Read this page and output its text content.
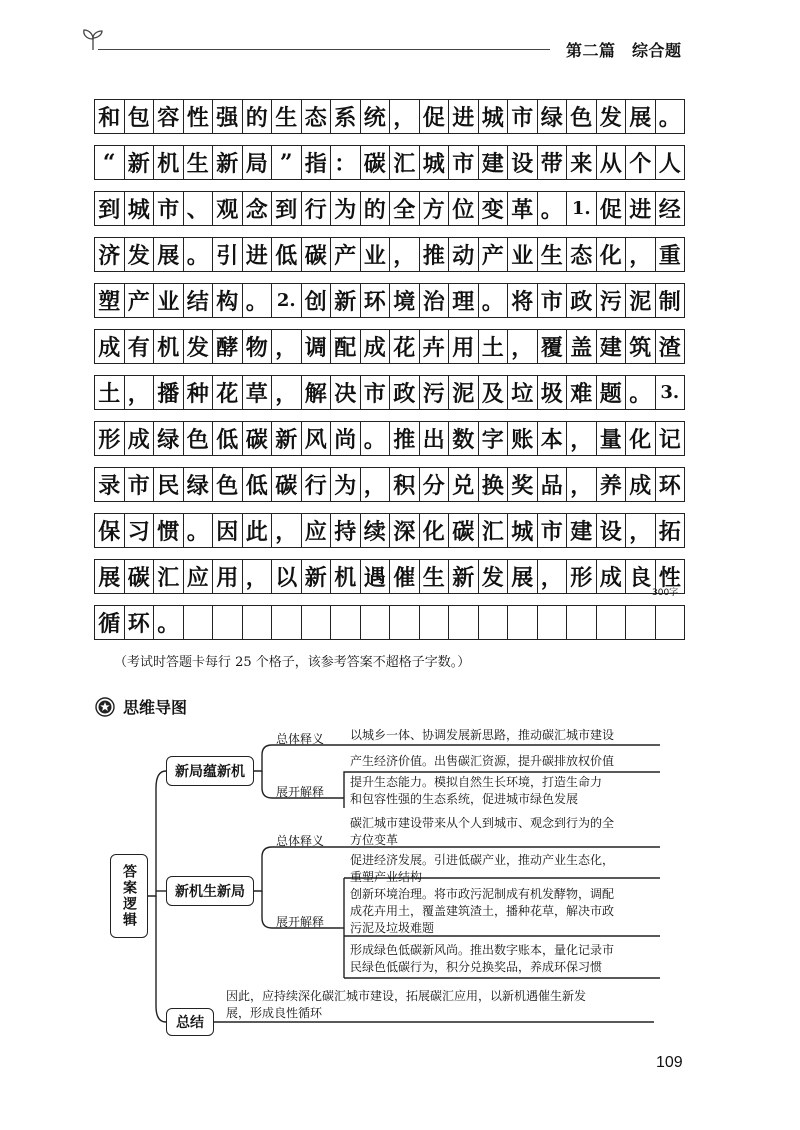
第二篇　综合题
和 包 容 性 强 的 生 态 系 统 ， 促 进 城 市 绿 色 发 展 。
“ 新 机 生 新 局 ” 指 ： 碳 汇 城 市 建 设 带 来 从 个 人
到 城 市 、 观 念 到 行 为 的 全 方 位 变 革 。 1. 促 进 经
济 发 展 。 引 进 低 碳 产 业 ， 推 动 产 业 生 态 化 ， 重
塑 产 业 结 构 。 2. 创 新 环 境 治 理 。 将 市 政 污 泥 制
成 有 机 发 酵 物 ， 调 配 成 花 卉 用 土 ， 覆 盖 建 筑 渣
土 ， 播 种 花 草 ， 解 决 市 政 污 泥 及 垃 圾 难 题 。 3.
形 成 绿 色 低 碳 新 风 尚 。 推 出 数 字 账 本 ， 量 化 记
录 市 民 绿 色 低 碳 行 为 ， 积 分 兑 换 奖 品 ， 养 成 环
保 习 惯 。 因 此 ， 应 持 续 深 化 碳 汇 城 市 建 设 ， 拓
展 碳 汇 应 用 ， 以 新 机 遇 催 生 新 发 展 ， 形 成 良 性
循 环 。
300字
（考试时答题卡每行 25 个格子，该参考答案不超格子字数。）
思维导图
答案逻辑
新局蕴新机
新机生新局
总结
总体释义 以城乡一体、协调发展新思路，推动碳汇城市建设
展开解释
产生经济价值。出售碳汇资源，提升碳排放权价值
提升生态能力。模拟自然生长环境，打造生命力
和包容性强的生态系统，促进城市绿色发展
总体释义
碳汇城市建设带来从个人到城市、观念到行为的全
方位变革
展开解释
促进经济发展。引进低碳产业，推动产业生态化，
重塑产业结构
创新环境治理。将市政污泥制成有机发酵物，调配
成花卉用土，覆盖建筑渣土，播种花草，解决市政
污泥及垃圾难题
形成绿色低碳新风尚。推出数字账本，量化记录市
民绿色低碳行为，积分兑换奖品，养成环保习惯
因此，应持续深化碳汇城市建设，拓展碳汇应用，以新机遇催生新发
展，形成良性循环
109
